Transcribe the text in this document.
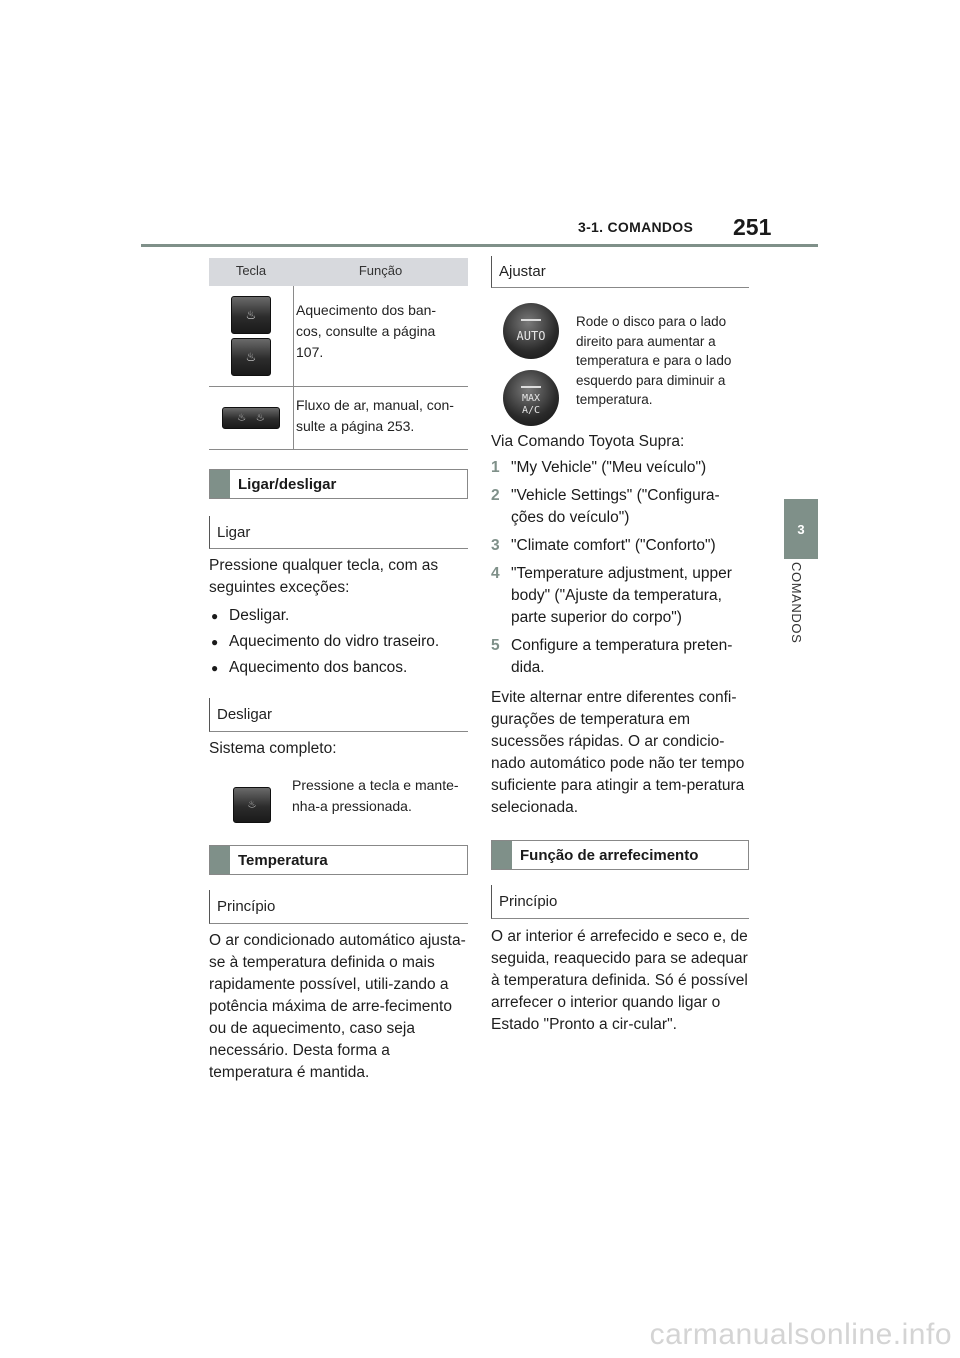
3-1. COMANDOS 251
3
COMANDOS
Tecla	Função
♨
♨
Aquecimento dos ban-cos, consulte a página 107.
♨   ♨
Fluxo de ar, manual, con-sulte a página 253.
Ligar/desligar
Ligar

Pressione qualquer tecla, com as seguintes exceções:

● Desligar.
● Aquecimento do vidro traseiro.
● Aquecimento dos bancos.
Desligar
Sistema completo:
♨
Pressione a tecla e mante-nha-a pressionada.
Temperatura
Princípio
O ar condicionado automático ajusta-se à temperatura definida o mais rapidamente possível, utili-zando a potência máxima de arre-fecimento ou de aquecimento, caso seja necessário. Desta forma a temperatura é mantida.
Ajustar
AUTO
MAX
A/C
Rode o disco para o lado direito para aumentar a temperatura e para o lado esquerdo para diminuir a temperatura.

Via Comando Toyota Supra:

1 "My Vehicle" ("Meu veículo")
2 "Vehicle Settings" ("Configura-ções do veículo")
3 "Climate comfort" ("Conforto")
4 "Temperature adjustment, upper body" ("Ajuste da temperatura, parte superior do corpo")
5 Configure a temperatura preten-dida.

Evite alternar entre diferentes confi-gurações de temperatura em sucessões rápidas. O ar condicio-nado automático pode não ter tempo suficiente para atingir a tem-peratura selecionada.

Função de arrefecimento
Princípio
O ar interior é arrefecido e seco e, de seguida, reaquecido para se adequar à temperatura definida. Só é possível arrefecer o interior quando ligar o Estado "Pronto a cir-cular".
carmanualsonline.info
